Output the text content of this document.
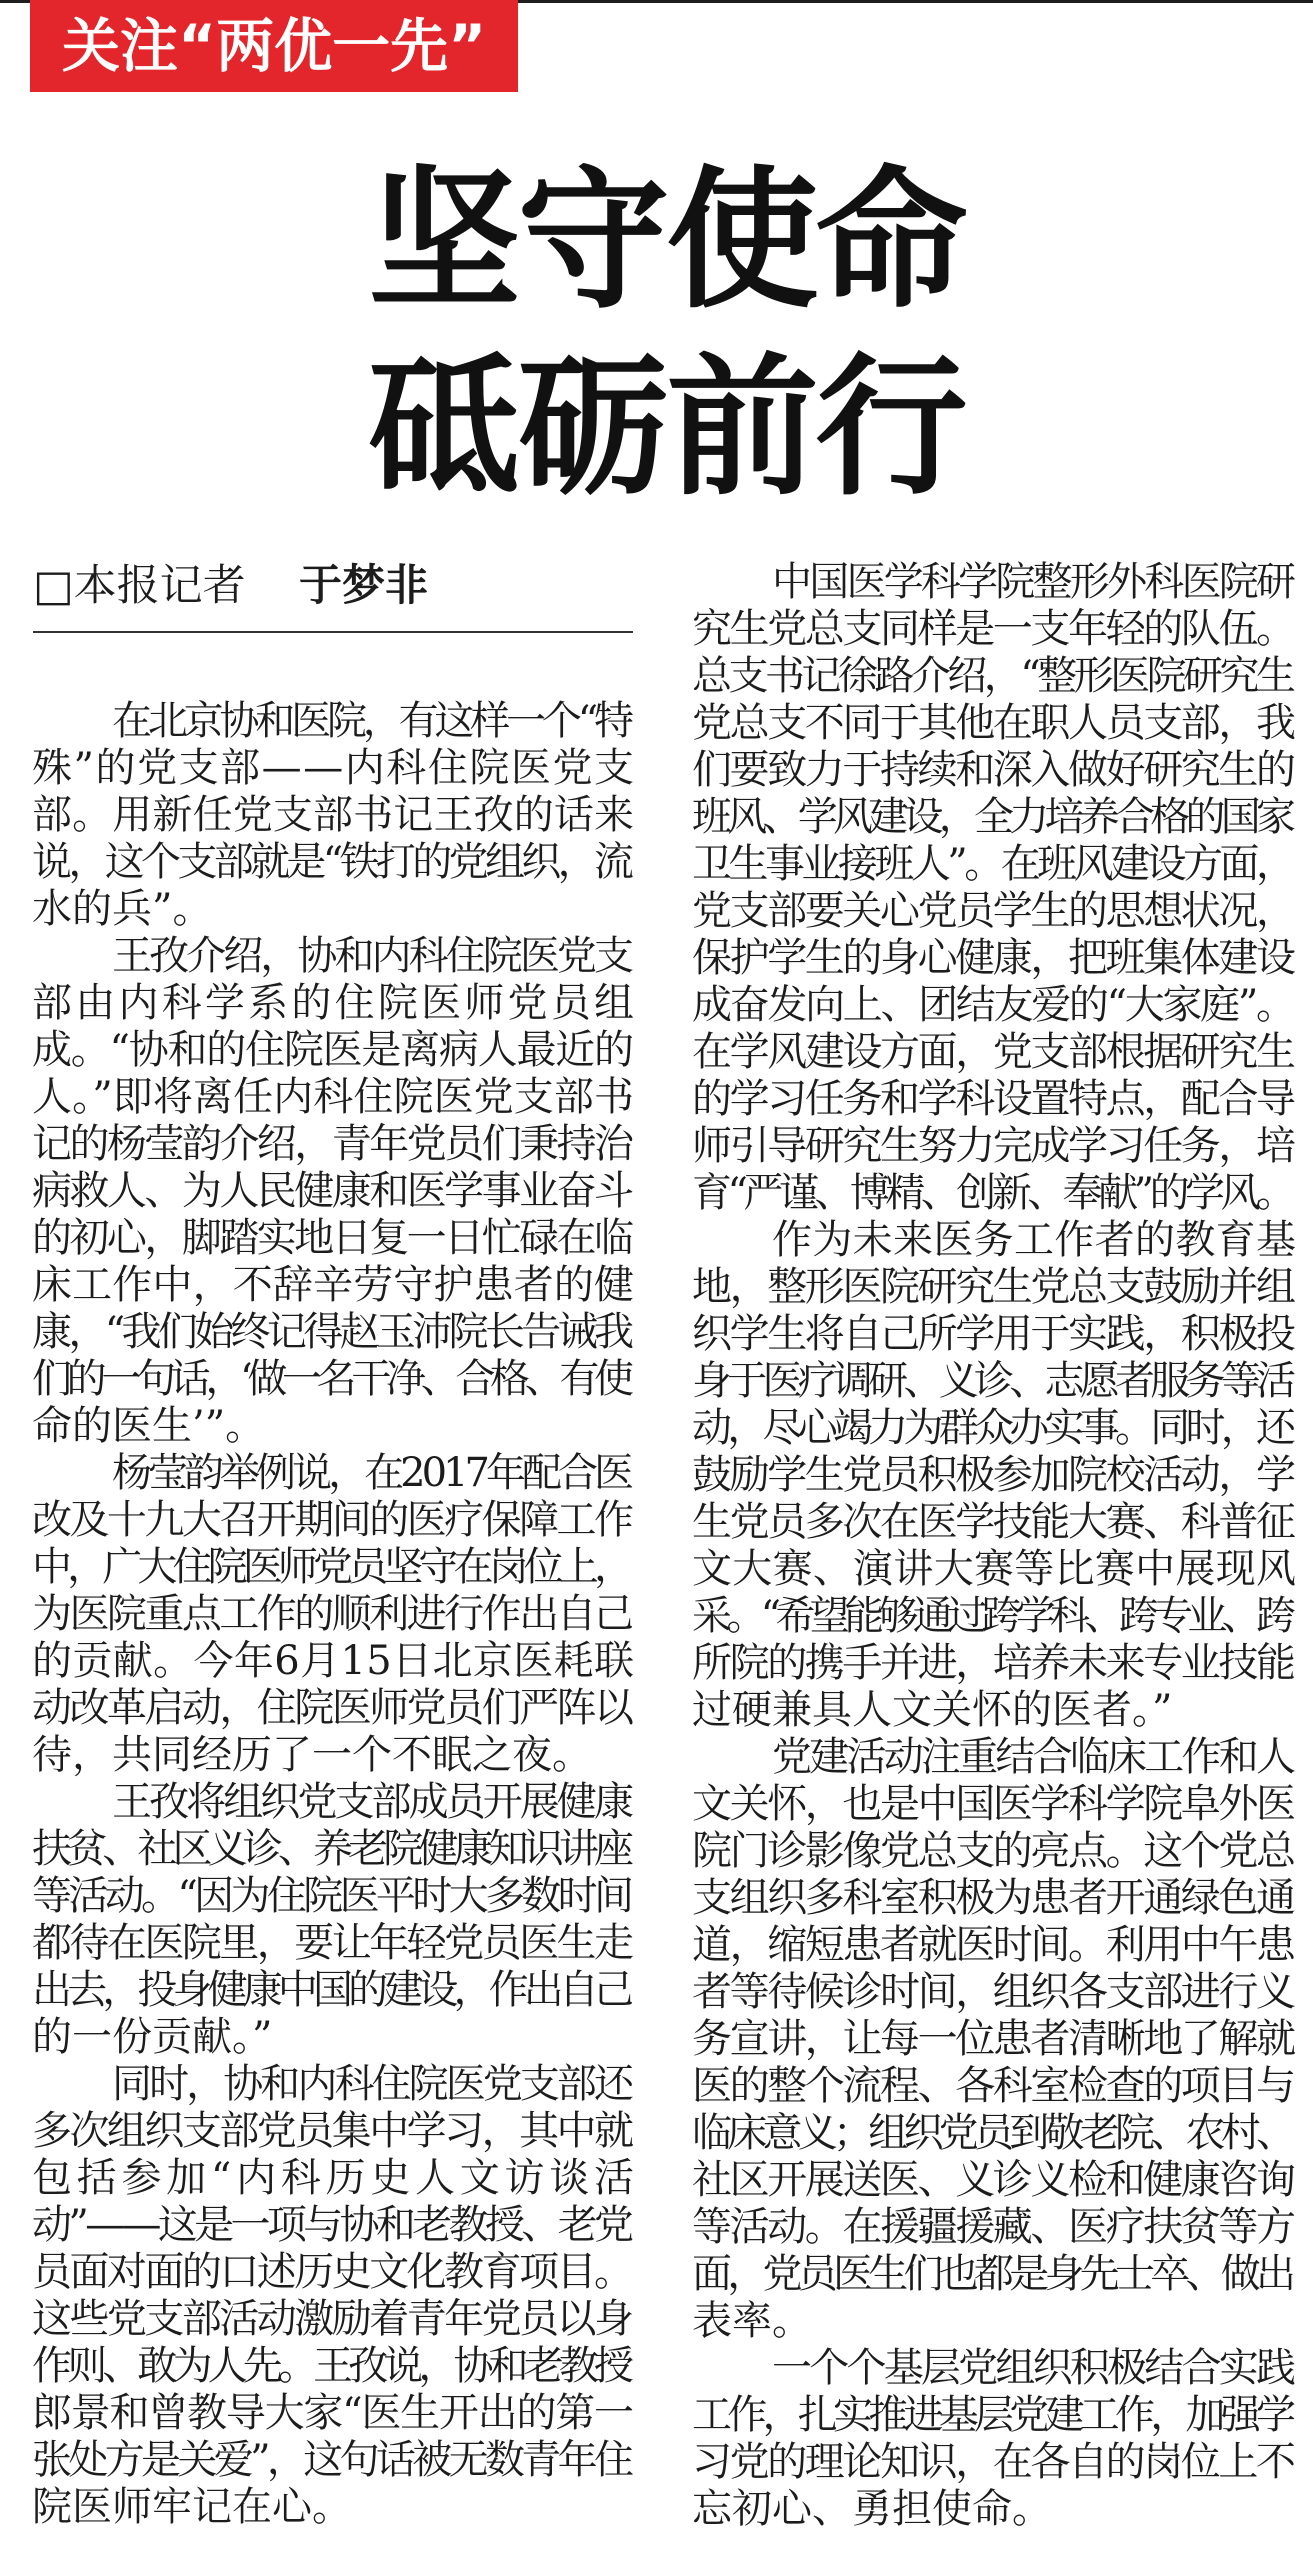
关注“两优一先”
坚守使命
砥砺前行
□本报记者 于梦非

在北京协和医院，有这样一个“特
殊”的党支部——内科住院医党支
部。用新任党支部书记王孜的话来
说，这个支部就是“铁打的党组织，流
水的兵”。

王孜介绍，协和内科住院医党支
部由内科学系的住院医师党员组
成。“协和的住院医是离病人最近的
人。”即将离任内科住院医党支部书
记的杨莹韵介绍，青年党员们秉持治
病救人、为人民健康和医学事业奋斗
的初心，脚踏实地日复一日忙碌在临
床工作中，不辞辛劳守护患者的健
康，“我们始终记得赵玉沛院长告诫我
们的一句话，‘做一名干净、合格、有使
命的医生’”。

杨莹韵举例说，在2017年配合医
改及十九大召开期间的医疗保障工作
中，广大住院医师党员坚守在岗位上，
为医院重点工作的顺利进行作出自己
的贡献。今年6月15日北京医耗联
动改革启动，住院医师党员们严阵以
待，共同经历了一个不眠之夜。

王孜将组织党支部成员开展健康
扶贫、社区义诊、养老院健康知识讲座
等活动。“因为住院医平时大多数时间
都待在医院里，要让年轻党员医生走
出去，投身健康中国的建设，作出自己
的一份贡献。”

同时，协和内科住院医党支部还
多次组织支部党员集中学习，其中就
包括参加“内科历史人文访谈活
动”——这是一项与协和老教授、老党
员面对面的口述历史文化教育项目。
这些党支部活动激励着青年党员以身
作则、敢为人先。王孜说，协和老教授
郎景和曾教导大家“医生开出的第一
张处方是关爱”，这句话被无数青年住
院医师牢记在心。

中国医学科学院整形外科医院研
究生党总支同样是一支年轻的队伍。
总支书记徐路介绍，“整形医院研究生
党总支不同于其他在职人员支部，我
们要致力于持续和深入做好研究生的
班风、学风建设，全力培养合格的国家
卫生事业接班人”。在班风建设方面，
党支部要关心党员学生的思想状况，
保护学生的身心健康，把班集体建设
成奋发向上、团结友爱的“大家庭”。
在学风建设方面，党支部根据研究生
的学习任务和学科设置特点，配合导
师引导研究生努力完成学习任务，培
育“严谨、博精、创新、奉献”的学风。

作为未来医务工作者的教育基
地，整形医院研究生党总支鼓励并组
织学生将自己所学用于实践，积极投
身于医疗调研、义诊、志愿者服务等活
动，尽心竭力为群众办实事。同时，还
鼓励学生党员积极参加院校活动，学
生党员多次在医学技能大赛、科普征
文大赛、演讲大赛等比赛中展现风
采。“希望能够通过跨学科、跨专业、跨
所院的携手并进，培养未来专业技能
过硬兼具人文关怀的医者。”

党建活动注重结合临床工作和人
文关怀，也是中国医学科学院阜外医
院门诊影像党总支的亮点。这个党总
支组织多科室积极为患者开通绿色通
道，缩短患者就医时间。利用中午患
者等待候诊时间，组织各支部进行义
务宣讲，让每一位患者清晰地了解就
医的整个流程、各科室检查的项目与
临床意义；组织党员到敬老院、农村、
社区开展送医、义诊义检和健康咨询
等活动。在援疆援藏、医疗扶贫等方
面，党员医生们也都是身先士卒、做出
表率。

一个个基层党组织积极结合实践
工作，扎实推进基层党建工作，加强学
习党的理论知识，在各自的岗位上不
忘初心、勇担使命。
